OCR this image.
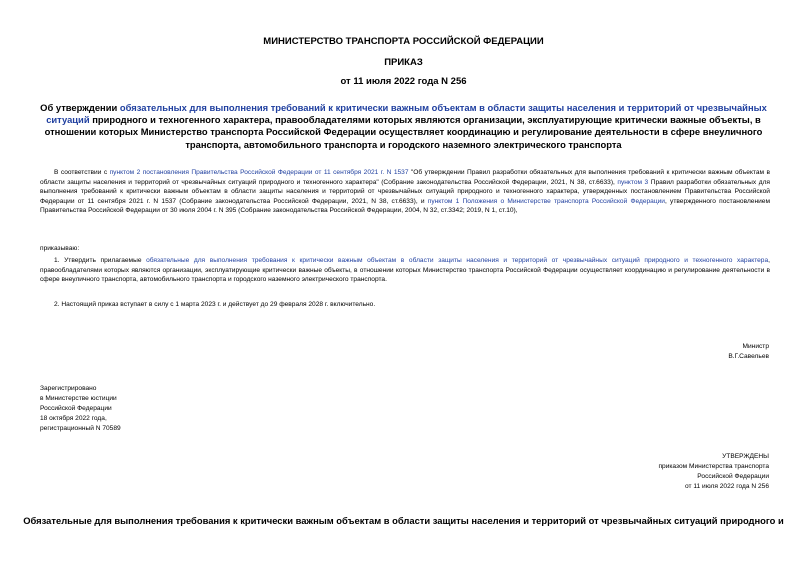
МИНИСТЕРСТВО ТРАНСПОРТА РОССИЙСКОЙ ФЕДЕРАЦИИ
ПРИКАЗ
от 11 июля 2022 года N 256
Об утверждении обязательных для выполнения требований к критически важным объектам в области защиты населения и территорий от чрезвычайных ситуаций природного и техногенного характера, правообладателями которых являются организации, эксплуатирующие критически важные объекты, в отношении которых Министерство транспорта Российской Федерации осуществляет координацию и регулирование деятельности в сфере внеуличного транспорта, автомобильного транспорта и городского наземного электрического транспорта
В соответствии с пунктом 2 постановления Правительства Российской Федерации от 11 сентября 2021 г. N 1537 "Об утверждении Правил разработки обязательных для выполнения требований к критически важным объектам в области защиты населения и территорий от чрезвычайных ситуаций природного и техногенного характера" (Собрание законодательства Российской Федерации, 2021, N 38, ст.6633), пунктом 3 Правил разработки обязательных для выполнения требований к критически важным объектам в области защиты населения и территорий от чрезвычайных ситуаций природного и техногенного характера, утвержденных постановлением Правительства Российской Федерации от 11 сентября 2021 г. N 1537 (Собрание законодательства Российской Федерации, 2021, N 38, ст.6633), и пунктом 1 Положения о Министерстве транспорта Российской Федерации, утвержденного постановлением Правительства Российской Федерации от 30 июля 2004 г. N 395 (Собрание законодательства Российской Федерации, 2004, N 32, ст.3342; 2019, N 1, ст.10),
приказываю:
1. Утвердить прилагаемые обязательные для выполнения требования к критически важным объектам в области защиты населения и территорий от чрезвычайных ситуаций природного и техногенного характера, правообладателями которых являются организации, эксплуатирующие критически важные объекты, в отношении которых Министерство транспорта Российской Федерации осуществляет координацию и регулирование деятельности в сфере внеуличного транспорта, автомобильного транспорта и городского наземного электрического транспорта.
2. Настоящий приказ вступает в силу с 1 марта 2023 г. и действует до 29 февраля 2028 г. включительно.
Министр
В.Г.Савельев
Зарегистрировано
в Министерстве юстиции
Российской Федерации
18 октября 2022 года,
регистрационный N 70589
УТВЕРЖДЕНЫ
приказом Министерства транспорта
Российской Федерации
от 11 июля 2022 года N 256
Обязательные для выполнения требования к критически важным объектам в области защиты населения и территорий от чрезвычайных ситуаций природного и
